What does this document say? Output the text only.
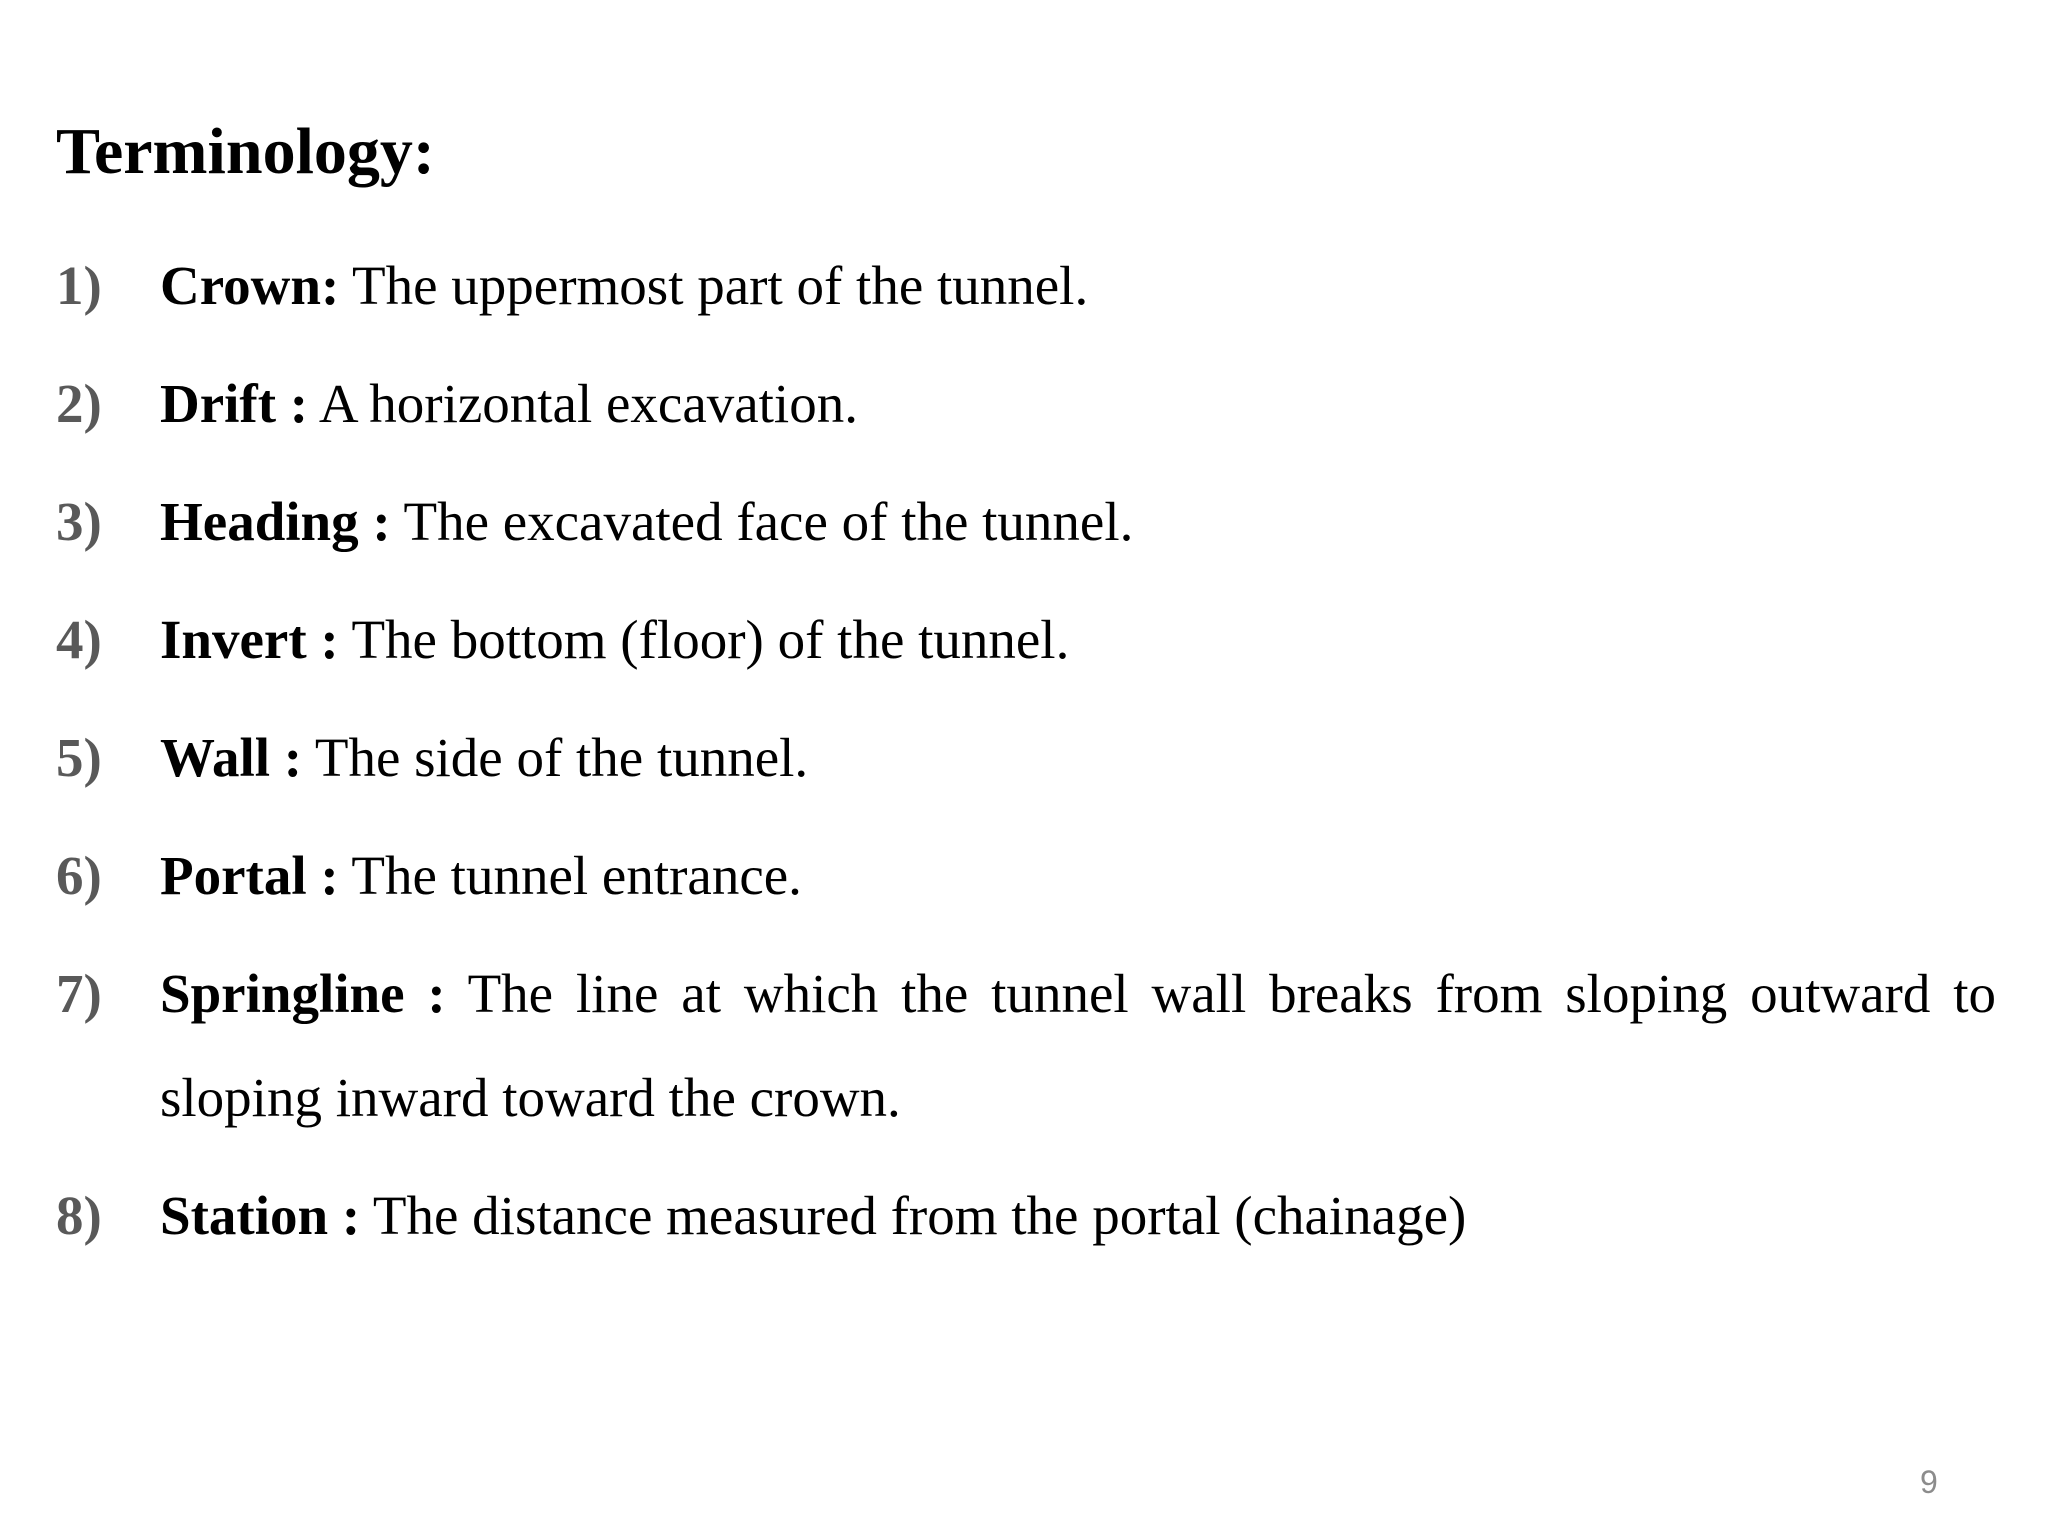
Terminology:
1) Crown: The uppermost part of the tunnel.
2) Drift : A horizontal excavation.
3) Heading : The excavated face of the tunnel.
4) Invert : The bottom (floor) of the tunnel.
5) Wall : The side of the tunnel.
6) Portal : The tunnel entrance.
7) Springline : The line at which the tunnel wall breaks from sloping outward to sloping inward toward the crown.
8) Station : The distance measured from the portal (chainage)
9
